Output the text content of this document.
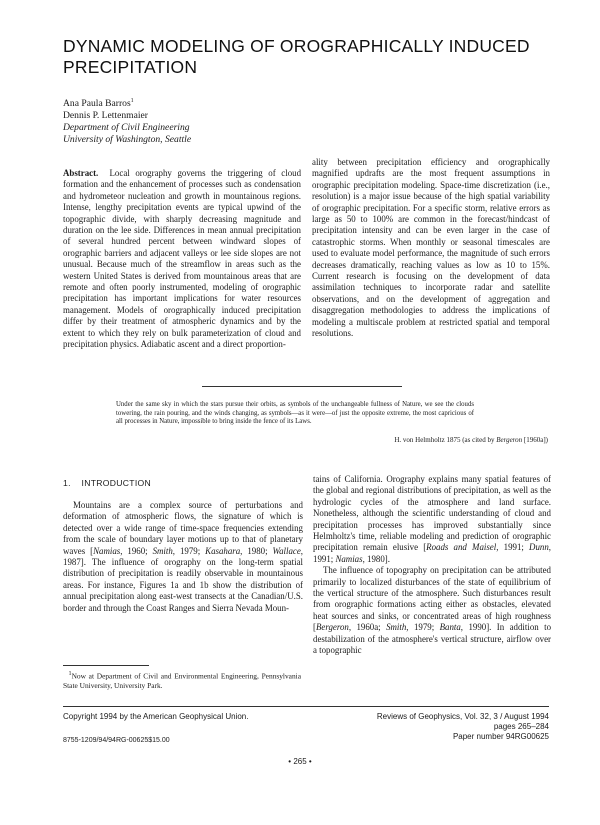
DYNAMIC MODELING OF OROGRAPHICALLY INDUCED PRECIPITATION
Ana Paula Barros$^1$
Dennis P. Lettenmaier
Department of Civil Engineering
University of Washington, Seattle

Abstract. Local orography governs the triggering of cloud formation and the enhancement of processes such as condensation and hydrometeor nucleation and growth in mountainous regions. Intense, lengthy precipitation events are typical upwind of the topographic divide, with sharply decreasing magnitude and duration on the lee side. Differences in mean annual precipitation of several hundred percent between windward slopes of orographic barriers and adjacent valleys or lee side slopes are not unusual. Because much of the streamflow in areas such as the western United States is derived from mountainous areas that are remote and often poorly instrumented, modeling of orographic precipitation has important implications for water resources management. Models of orographically induced precipitation differ by their treatment of atmospheric dynamics and by the extent to which they rely on bulk parameterization of cloud and precipitation physics. Adiabatic ascent and a direct proportion-

ality between precipitation efficiency and orographically magnified updrafts are the most frequent assumptions in orographic precipitation modeling. Space-time discretization (i.e., resolution) is a major issue because of the high spatial variability of orographic precipitation. For a specific storm, relative errors as large as 50 to 100% are common in the forecast/hindcast of precipitation intensity and can be even larger in the case of catastrophic storms. When monthly or seasonal timescales are used to evaluate model performance, the magnitude of such errors decreases dramatically, reaching values as low as 10 to 15%. Current research is focusing on the development of data assimilation techniques to incorporate radar and satellite observations, and on the development of aggregation and disaggregation methodologies to address the implications of modeling a multiscale problem at restricted spatial and temporal resolutions.

Under the same sky in which the stars pursue their orbits, as symbols of the unchangeable fullness of Nature, we see the clouds towering, the rain pouring, and the winds changing, as symbols—as it were—of just the opposite extreme, the most capricious of all processes in Nature, impossible to bring inside the fence of its Laws.
H. von Helmholtz 1875 (as cited by Bergeron [1960a])
1. INTRODUCTION

Mountains are a complex source of perturbations and deformation of atmospheric flows, the signature of which is detected over a wide range of time-space frequencies extending from the scale of boundary layer motions up to that of planetary waves [Namias, 1960; Smith, 1979; Kasahara, 1980; Wallace, 1987]. The influence of orography on the long-term spatial distribution of precipitation is readily observable in mountainous areas. For instance, Figures 1a and 1b show the distribution of annual precipitation along east-west transects at the Canadian/U.S. border and through the Coast Ranges and Sierra Nevada Moun-

tains of California. Orography explains many spatial features of the global and regional distributions of precipitation, as well as the hydrologic cycles of the atmosphere and land surface. Nonetheless, although the scientific understanding of cloud and precipitation processes has improved substantially since Helmholtz's time, reliable modeling and prediction of orographic precipitation remain elusive [Roads and Maisel, 1991; Dunn, 1991; Namias, 1980].

The influence of topography on precipitation can be attributed primarily to localized disturbances of the state of equilibrium of the vertical structure of the atmosphere. Such disturbances result from orographic formations acting either as obstacles, elevated heat sources and sinks, or concentrated areas of high roughness [Bergeron, 1960a; Smith, 1979; Banta, 1990]. In addition to destabilization of the atmosphere's vertical structure, airflow over a topographic

$^1$Now at Department of Civil and Environmental Engineering, Pennsylvania State University, University Park.
Copyright 1994 by the American Geophysical Union.
8755-1209/94/94RG-00625$15.00
Reviews of Geophysics, Vol. 32, 3 / August 1994
pages 265–284
Paper number 94RG00625
• 265 •
